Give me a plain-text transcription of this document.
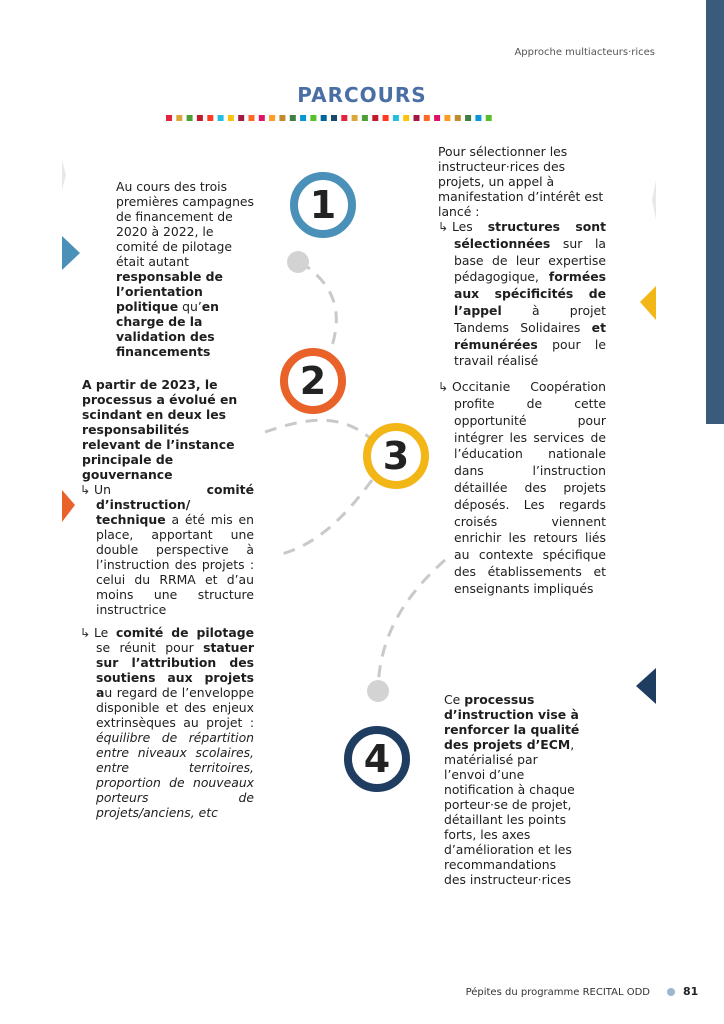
Approche multiacteurs·rices
PARCOURS
1
2
3
4
Au cours des trois premières campagnes de financement de 2020 à 2022, le comité de pilotage était autant responsable de l’orientation politique qu’en charge de la validation des financements
A partir de 2023, le processus a évolué en scindant en deux les responsabilités relevant de l’instance principale de gouvernance
↳ Un comité d’instruction/ technique a été mis en place, apportant une double perspective à l’instruction des projets : celui du RRMA et d’au moins une structure instructrice
↳ Le comité de pilotage se réunit pour statuer sur l’attribution des soutiens aux projets au regard de l’enveloppe disponible et des enjeux extrinsèques au projet : équilibre de répartition entre niveaux scolaires, entre territoires, proportion de nouveaux porteurs de projets/anciens, etc
Pour sélectionner les instructeur·rices des projets, un appel à manifestation d’intérêt est lancé :
↳ Les structures sont sélectionnées sur la base de leur expertise pédagogique, formées aux spécificités de l’appel à projet Tandems Solidaires et rémunérées pour le travail réalisé
↳ Occitanie Coopération profite de cette opportunité pour intégrer les services de l’éducation nationale dans l’instruction détaillée des projets déposés. Les regards croisés viennent enrichir les retours liés au contexte spécifique des établissements et enseignants impliqués
Ce processus d’instruction vise à renforcer la qualité des projets d’ECM, matérialisé par l’envoi d’une notification à chaque porteur·se de projet, détaillant les points forts, les axes d’amélioration et les recommandations des instructeur·rices
Pépites du programme RECITAL ODD	81
